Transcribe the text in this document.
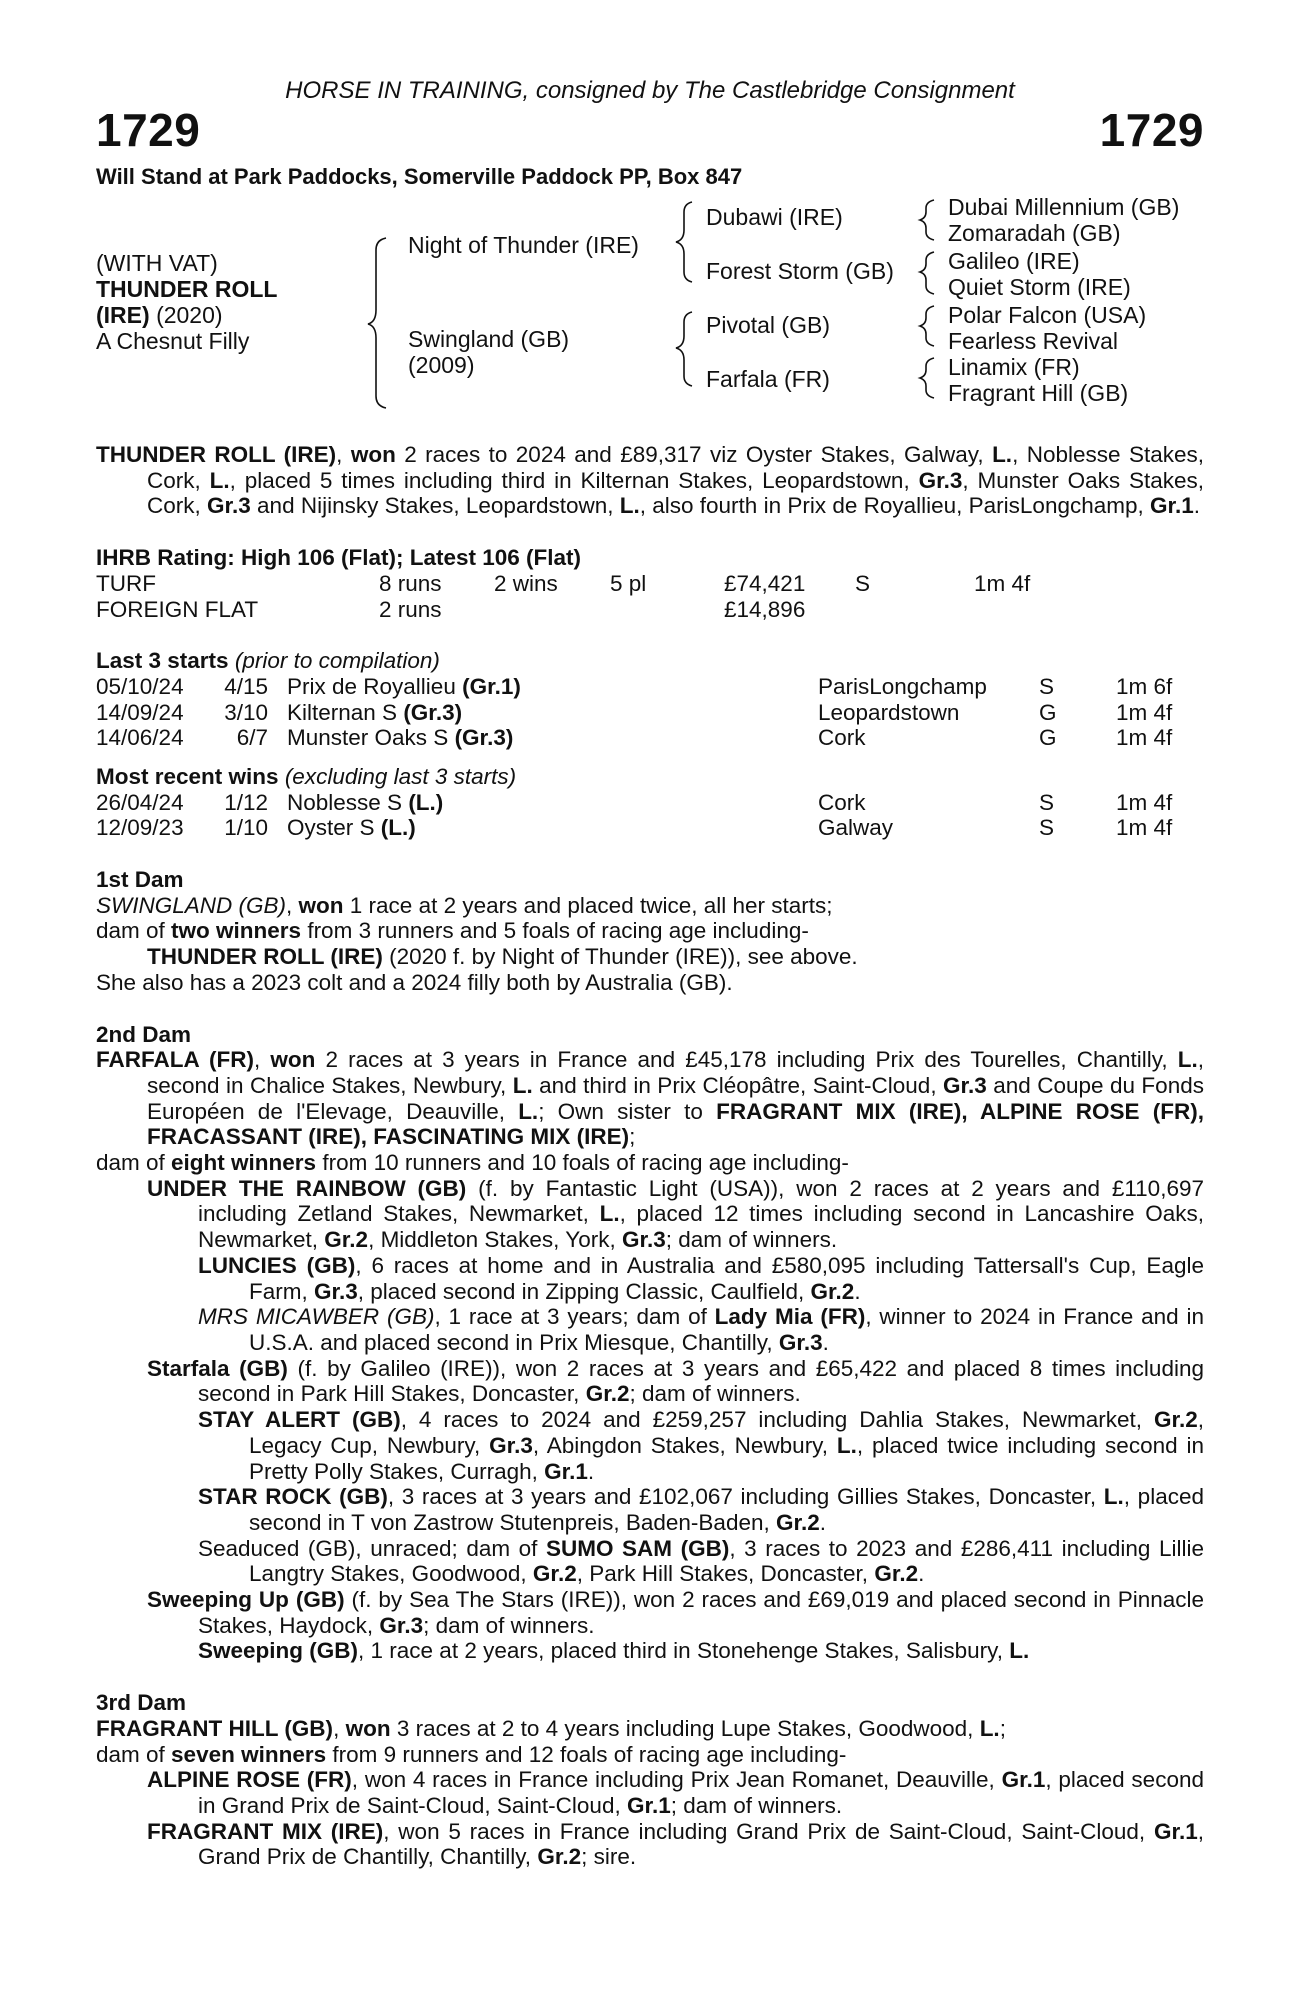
HORSE IN TRAINING, consigned by The Castlebridge Consignment
1729	1729
Will Stand at Park Paddocks, Somerville Paddock PP, Box 847
(WITH VAT)
THUNDER ROLL
(IRE) (2020)
A Chesnut Filly
Night of Thunder (IRE)
Swingland (GB)
(2009)
Dubawi (IRE)
Forest Storm (GB)
Pivotal (GB)
Farfala (FR)
Dubai Millennium (GB)
Zomaradah (GB)
Galileo (IRE)
Quiet Storm (IRE)
Polar Falcon (USA)
Fearless Revival
Linamix (FR)
Fragrant Hill (GB)

THUNDER ROLL (IRE), won 2 races to 2024 and £89,317 viz Oyster Stakes, Galway, L., Noblesse Stakes, Cork, L., placed 5 times including third in Kilternan Stakes, Leopardstown, Gr.3, Munster Oaks Stakes, Cork, Gr.3 and Nijinsky Stakes, Leopardstown, L., also fourth in Prix de Royallieu, ParisLongchamp, Gr.1.

IHRB Rating: High 106 (Flat); Latest 106 (Flat)
TURF	8 runs 2 wins 5 pl	£74,421 S	1m 4f
FOREIGN FLAT	2 runs	£14,896
Last 3 starts (prior to compilation)
05/10/24 4/15 Prix de Royallieu (Gr.1)	ParisLongchamp S	1m 6f
14/09/24 3/10 Kilternan S (Gr.3)	Leopardstown	G	1m 4f
14/06/24 6/7 Munster Oaks S (Gr.3)	Cork	G	1m 4f
Most recent wins (excluding last 3 starts)
26/04/24 1/12 Noblesse S (L.)	Cork	S	1m 4f
12/09/23 1/10 Oyster S (L.)	Galway	S	1m 4f
1st Dam

SWINGLAND (GB), won 1 race at 2 years and placed twice, all her starts;

dam of two winners from 3 runners and 5 foals of racing age including-

THUNDER ROLL (IRE) (2020 f. by Night of Thunder (IRE)), see above.

She also has a 2023 colt and a 2024 filly both by Australia (GB).

2nd Dam

FARFALA (FR), won 2 races at 3 years in France and £45,178 including Prix des Tourelles, Chantilly, L., second in Chalice Stakes, Newbury, L. and third in Prix Cléopâtre, Saint-Cloud, Gr.3 and Coupe du Fonds Européen de l'Elevage, Deauville, L.; Own sister to FRAGRANT MIX (IRE), ALPINE ROSE (FR), FRACASSANT (IRE), FASCINATING MIX (IRE);

dam of eight winners from 10 runners and 10 foals of racing age including-

UNDER THE RAINBOW (GB) (f. by Fantastic Light (USA)), won 2 races at 2 years and £110,697 including Zetland Stakes, Newmarket, L., placed 12 times including second in Lancashire Oaks, Newmarket, Gr.2, Middleton Stakes, York, Gr.3; dam of winners.

LUNCIES (GB), 6 races at home and in Australia and £580,095 including Tattersall's Cup, Eagle Farm, Gr.3, placed second in Zipping Classic, Caulfield, Gr.2.

MRS MICAWBER (GB), 1 race at 3 years; dam of Lady Mia (FR), winner to 2024 in France and in U.S.A. and placed second in Prix Miesque, Chantilly, Gr.3.

Starfala (GB) (f. by Galileo (IRE)), won 2 races at 3 years and £65,422 and placed 8 times including second in Park Hill Stakes, Doncaster, Gr.2; dam of winners.

STAY ALERT (GB), 4 races to 2024 and £259,257 including Dahlia Stakes, Newmarket, Gr.2, Legacy Cup, Newbury, Gr.3, Abingdon Stakes, Newbury, L., placed twice including second in Pretty Polly Stakes, Curragh, Gr.1.

STAR ROCK (GB), 3 races at 3 years and £102,067 including Gillies Stakes, Doncaster, L., placed second in T von Zastrow Stutenpreis, Baden-Baden, Gr.2.

Seaduced (GB), unraced; dam of SUMO SAM (GB), 3 races to 2023 and £286,411 including Lillie Langtry Stakes, Goodwood, Gr.2, Park Hill Stakes, Doncaster, Gr.2.

Sweeping Up (GB) (f. by Sea The Stars (IRE)), won 2 races and £69,019 and placed second in Pinnacle Stakes, Haydock, Gr.3; dam of winners.

Sweeping (GB), 1 race at 2 years, placed third in Stonehenge Stakes, Salisbury, L.

3rd Dam

FRAGRANT HILL (GB), won 3 races at 2 to 4 years including Lupe Stakes, Goodwood, L.;

dam of seven winners from 9 runners and 12 foals of racing age including-

ALPINE ROSE (FR), won 4 races in France including Prix Jean Romanet, Deauville, Gr.1, placed second in Grand Prix de Saint-Cloud, Saint-Cloud, Gr.1; dam of winners.

FRAGRANT MIX (IRE), won 5 races in France including Grand Prix de Saint-Cloud, Saint-Cloud, Gr.1, Grand Prix de Chantilly, Chantilly, Gr.2; sire.
